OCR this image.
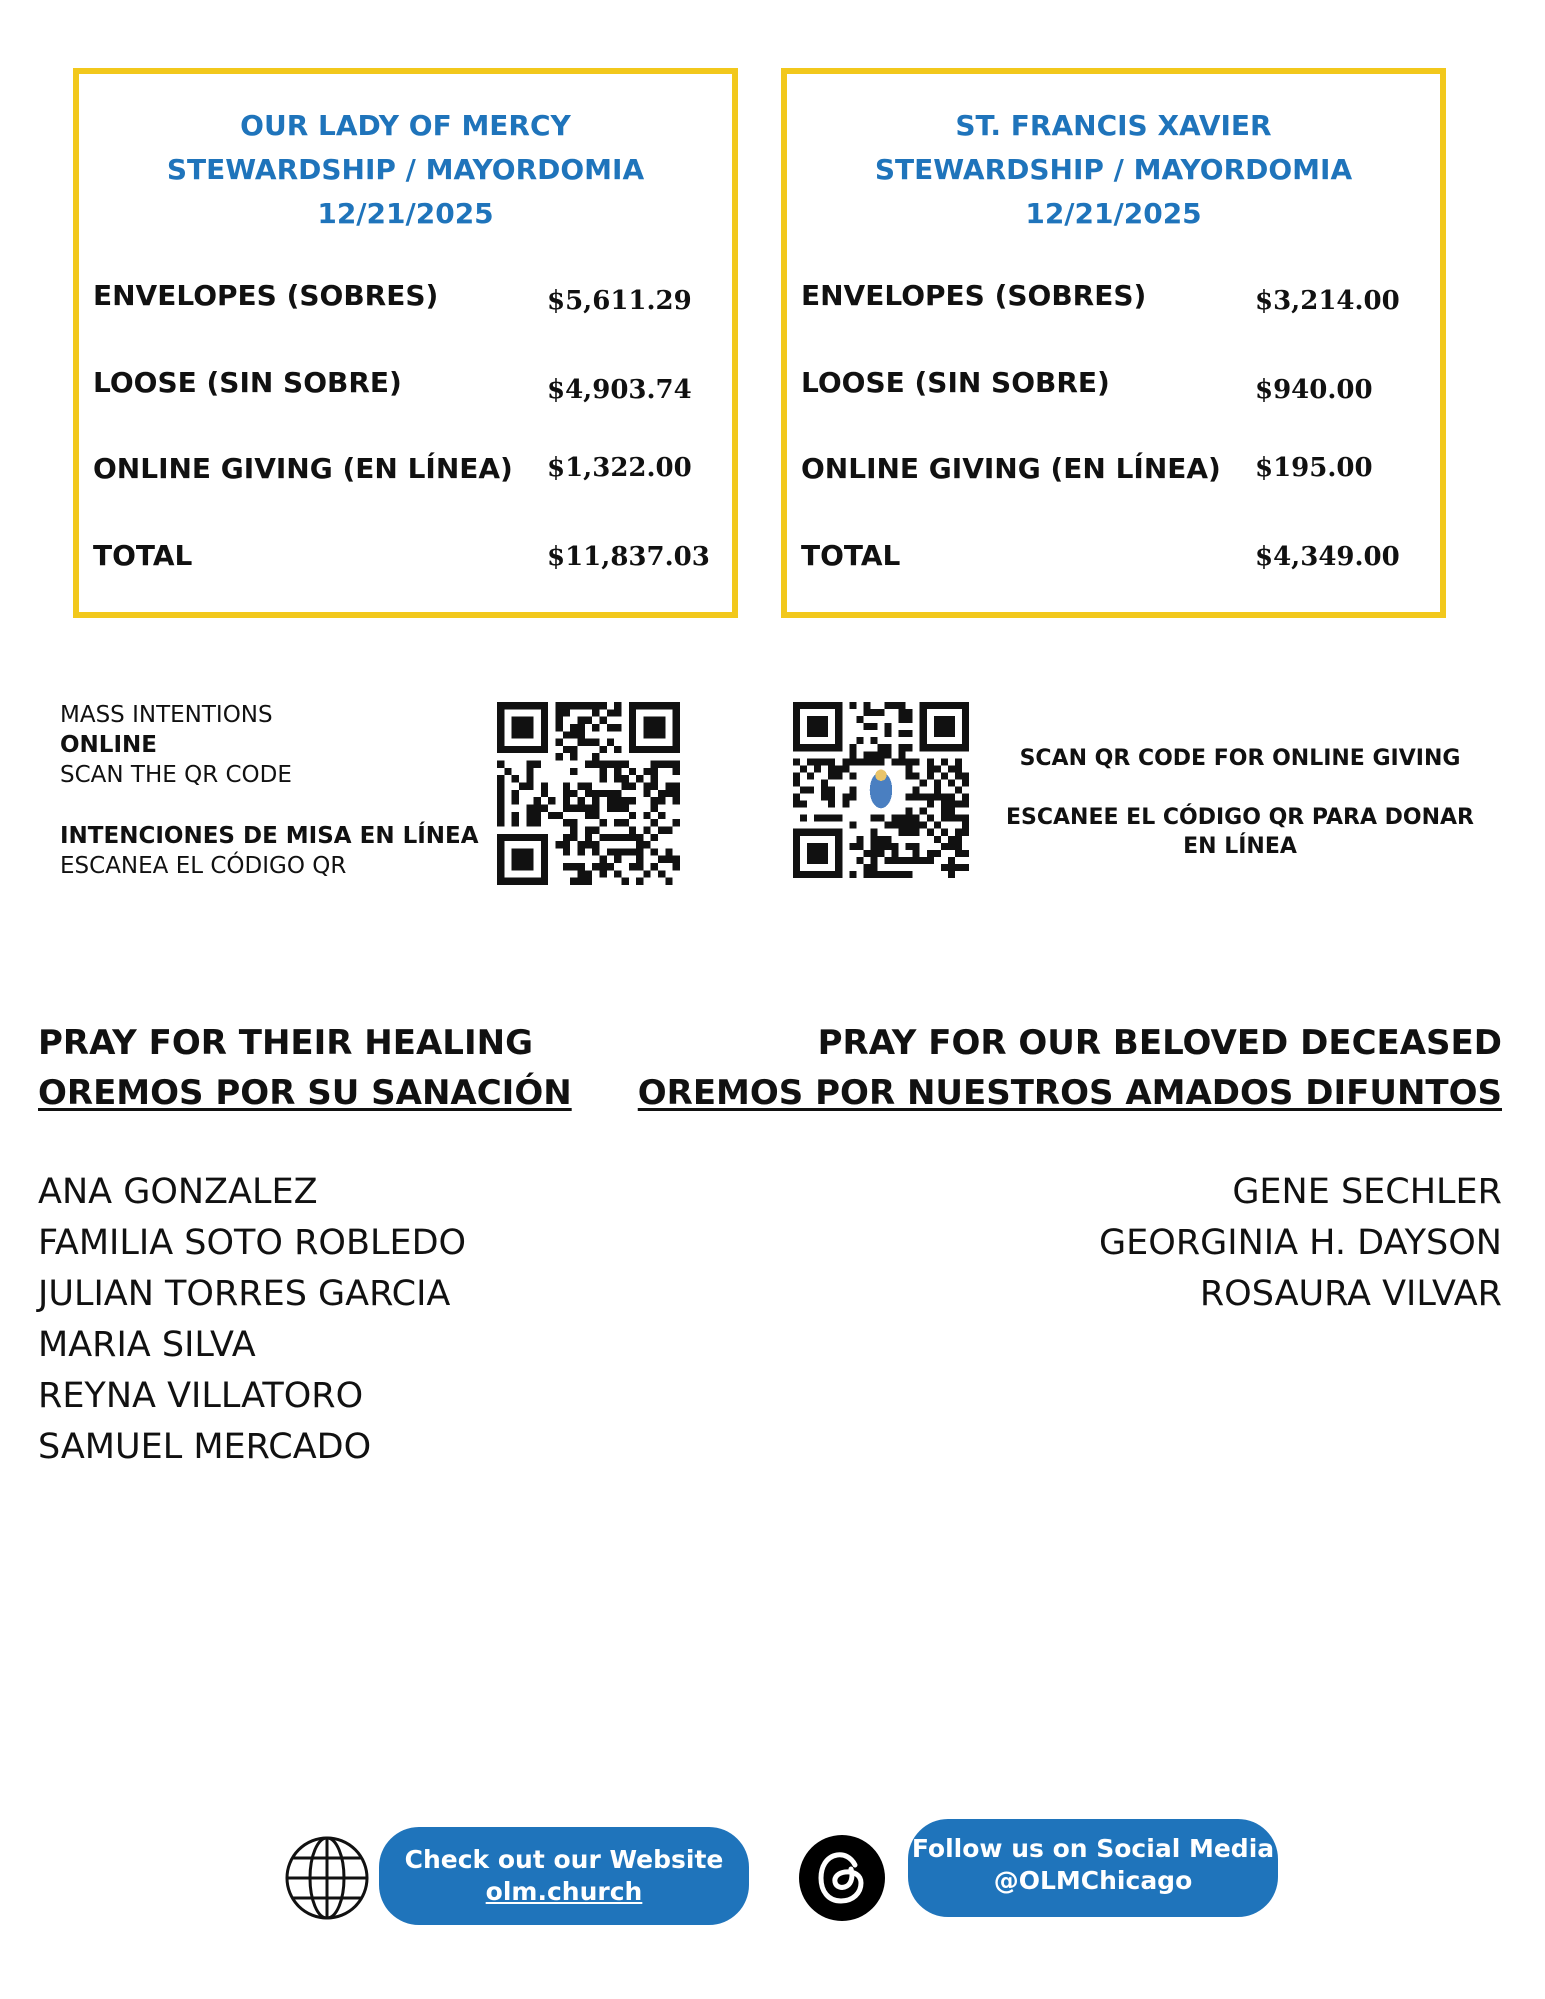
OUR LADY OF MERCY
STEWARDSHIP / MAYORDOMIA
12/21/2025
ENVELOPES (SOBRES)	$5,611.29
LOOSE (SIN SOBRE)	$4,903.74
ONLINE GIVING (EN LÍNEA) $1,322.00
TOTAL	$11,837.03
ST. FRANCIS XAVIER
STEWARDSHIP / MAYORDOMIA
12/21/2025
ENVELOPES (SOBRES)	$3,214.00
LOOSE (SIN SOBRE)	$940.00
ONLINE GIVING (EN LÍNEA) $195.00
TOTAL	$4,349.00
MASS INTENTIONS
ONLINE
SCAN THE QR CODE
INTENCIONES DE MISA EN LÍNEA
ESCANEA EL CÓDIGO QR
SCAN QR CODE FOR ONLINE GIVING
ESCANEE EL CÓDIGO QR PARA DONAR EN LÍNEA
PRAY FOR THEIR HEALING
OREMOS POR SU SANACIÓN
PRAY FOR OUR BELOVED DECEASED
OREMOS POR NUESTROS AMADOS DIFUNTOS
ANA GONZALEZ
FAMILIA SOTO ROBLEDO
JULIAN TORRES GARCIA
MARIA SILVA
REYNA VILLATORO
SAMUEL MERCADO
GENE SECHLER
GEORGINIA H. DAYSON
ROSAURA VILVAR
Check out our Website
olm.church
Follow us on Social Media
@OLMChicago
